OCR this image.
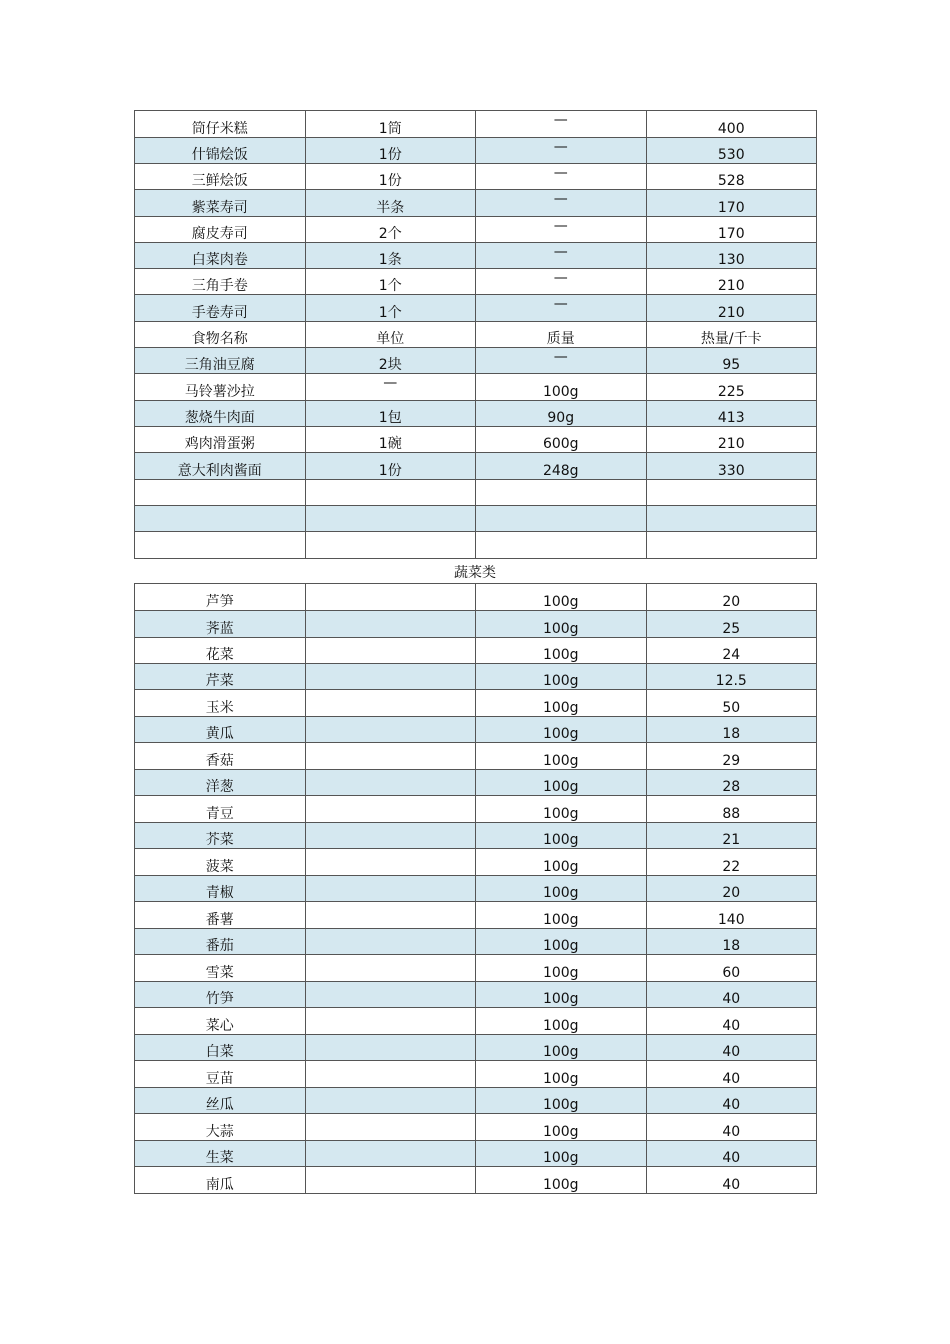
筒仔米糕	1筒	—	400
什锦烩饭	1份	—	530
三鲜烩饭	1份	—	528
紫菜寿司	半条	—	170
腐皮寿司	2个	—	170
白菜肉卷	1条	—	130
三角手卷	1个	—	210
手卷寿司	1个	—	210
食物名称	单位	质量	热量/千卡
三角油豆腐	2块	—	95
马铃薯沙拉	—	100g	225
葱烧牛肉面	1包	90g	413
鸡肉滑蛋粥	1碗	600g	210
意大利肉酱面	1份	248g	330

蔬菜类
芦笋		100g	20
荠蓝		100g	25
花菜		100g	24
芹菜		100g	12.5
玉米		100g	50
黄瓜		100g	18
香菇		100g	29
洋葱		100g	28
青豆		100g	88
芥菜		100g	21
菠菜		100g	22
青椒		100g	20
番薯		100g	140
番茄		100g	18
雪菜		100g	60
竹笋		100g	40
菜心		100g	40
白菜		100g	40
豆苗		100g	40
丝瓜		100g	40
大蒜		100g	40
生菜		100g	40
南瓜		100g	40
